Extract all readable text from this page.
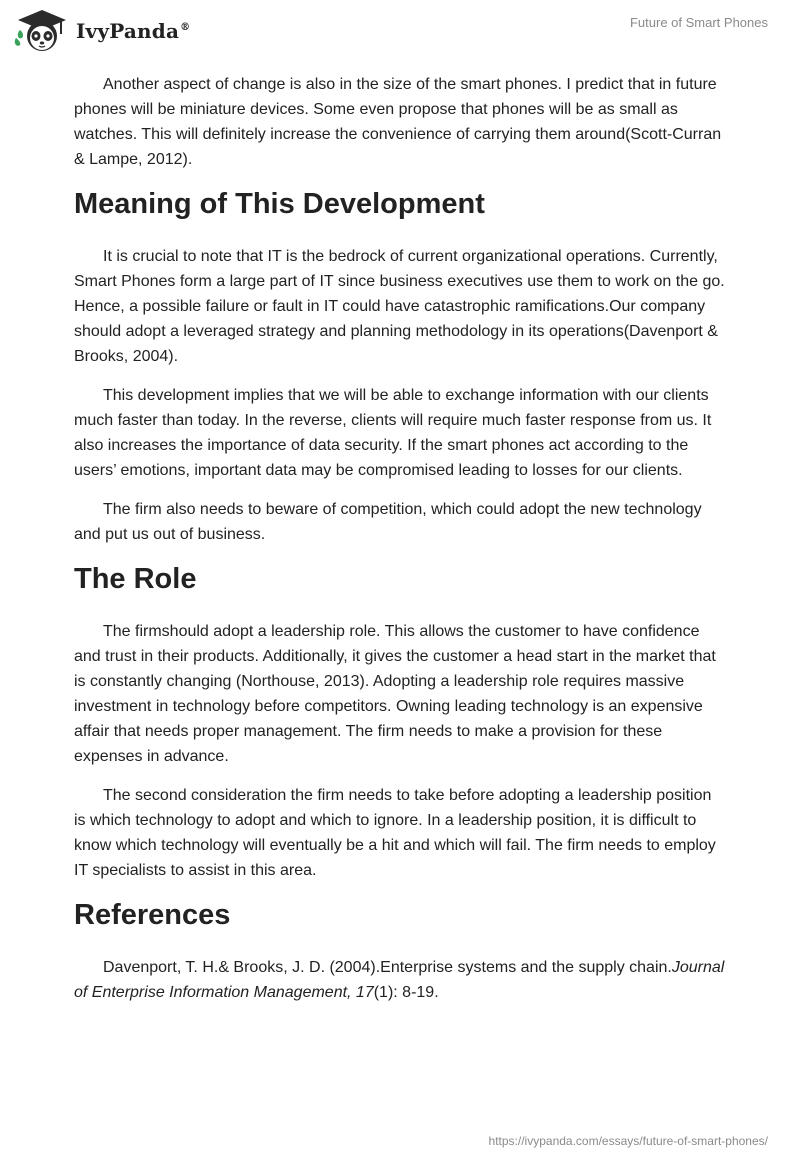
IvyPanda®	Future of Smart Phones

Another aspect of change is also in the size of the smart phones. I predict that in future phones will be miniature devices. Some even propose that phones will be as small as watches. This will definitely increase the convenience of carrying them around(Scott-Curran & Lampe, 2012).

Meaning of This Development

It is crucial to note that IT is the bedrock of current organizational operations. Currently, Smart Phones form a large part of IT since business executives use them to work on the go. Hence, a possible failure or fault in IT could have catastrophic ramifications.Our company should adopt a leveraged strategy and planning methodology in its operations(Davenport & Brooks, 2004).

This development implies that we will be able to exchange information with our clients much faster than today. In the reverse, clients will require much faster response from us. It also increases the importance of data security. If the smart phones act according to the users’ emotions, important data may be compromised leading to losses for our clients.

The firm also needs to beware of competition, which could adopt the new technology and put us out of business.

The Role

The firmshould adopt a leadership role. This allows the customer to have confidence and trust in their products. Additionally, it gives the customer a head start in the market that is constantly changing (Northouse, 2013). Adopting a leadership role requires massive investment in technology before competitors. Owning leading technology is an expensive affair that needs proper management. The firm needs to make a provision for these expenses in advance.

The second consideration the firm needs to take before adopting a leadership position is which technology to adopt and which to ignore. In a leadership position, it is difficult to know which technology will eventually be a hit and which will fail. The firm needs to employ IT specialists to assist in this area.

References

Davenport, T. H.& Brooks, J. D. (2004).Enterprise systems and the supply chain.Journal of Enterprise Information Management, 17(1): 8-19.

https://ivypanda.com/essays/future-of-smart-phones/
